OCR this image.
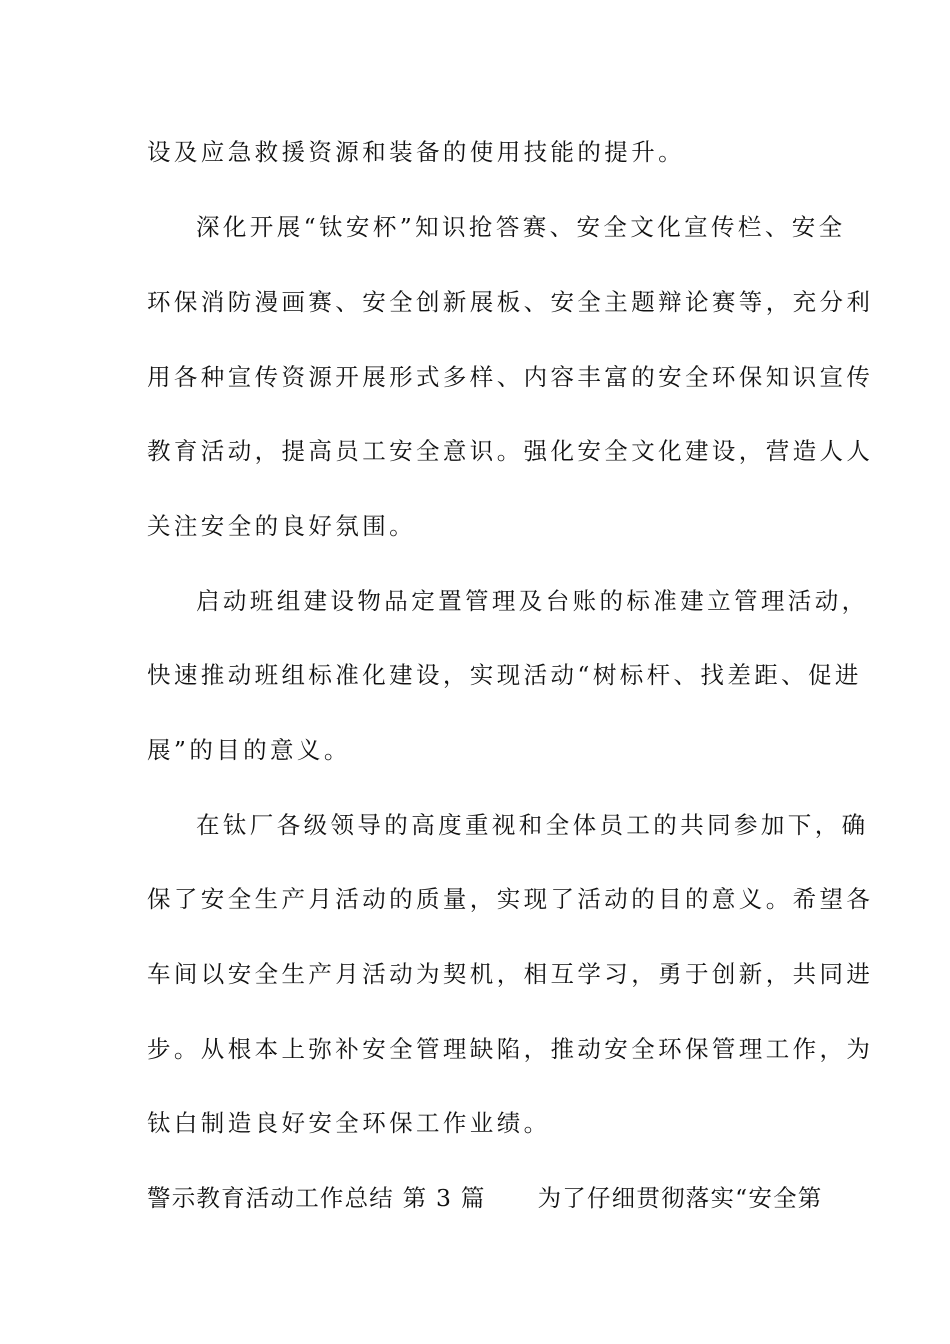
设及应急救援资源和装备的使用技能的提升。
深化开展“钛安杯”知识抢答赛、安全文化宣传栏、安全
环保消防漫画赛、安全创新展板、安全主题辩论赛等，充分利
用各种宣传资源开展形式多样、内容丰富的安全环保知识宣传
教育活动，提高员工安全意识。强化安全文化建设，营造人人
关注安全的良好氛围。
启动班组建设物品定置管理及台账的标准建立管理活动，
快速推动班组标准化建设，实现活动“树标杆、找差距、促进
展”的目的意义。
在钛厂各级领导的高度重视和全体员工的共同参加下，确
保了安全生产月活动的质量，实现了活动的目的意义。希望各
车间以安全生产月活动为契机，相互学习，勇于创新，共同进
步。从根本上弥补安全管理缺陷，推动安全环保管理工作，为
钛白制造良好安全环保工作业绩。
警示教育活动工作总结 第 3 篇 为了仔细贯彻落实“安全第
